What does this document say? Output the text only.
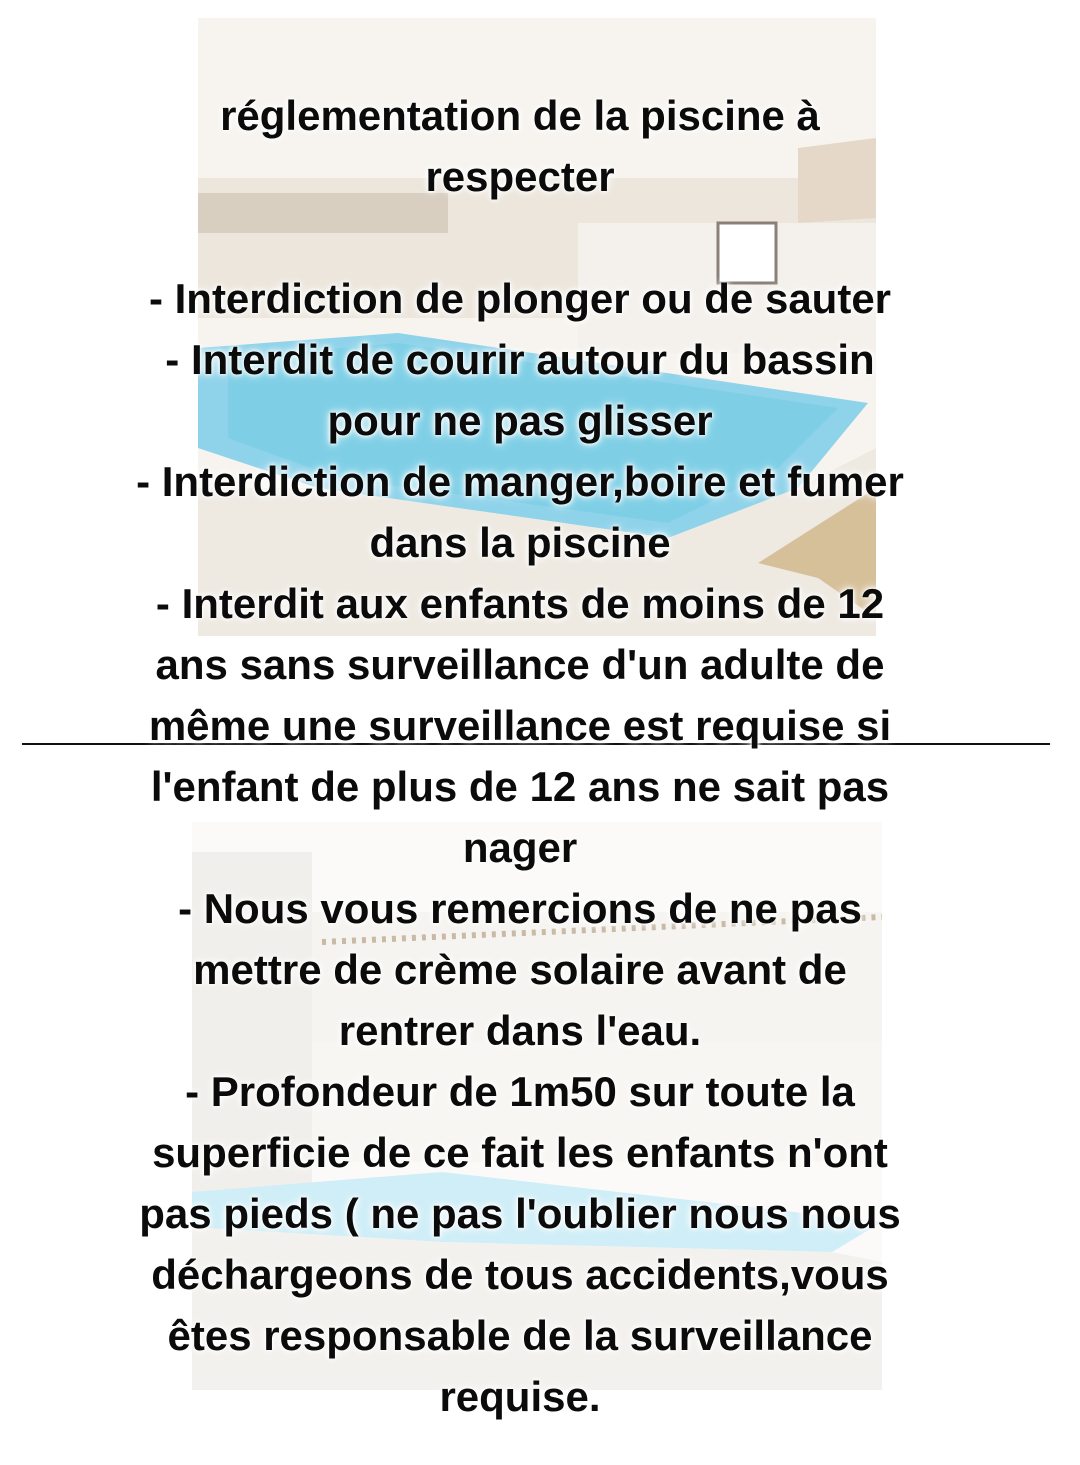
réglementation de la piscine à
respecter
- Interdiction de plonger ou de sauter
- Interdit de courir autour du bassin
pour ne pas glisser
- Interdiction de manger,boire et fumer
dans la piscine
- Interdit aux enfants de moins de 12
ans sans surveillance d'un adulte de
même une surveillance est requise si
l'enfant de plus de 12 ans ne sait pas
nager
- Nous vous remercions de ne pas
mettre de crème solaire avant de
rentrer dans l'eau.
- Profondeur de 1m50 sur toute la
superficie de ce fait les enfants n'ont
pas pieds ( ne pas l'oublier nous nous
déchargeons de tous accidents,vous
êtes responsable de la surveillance
requise.
